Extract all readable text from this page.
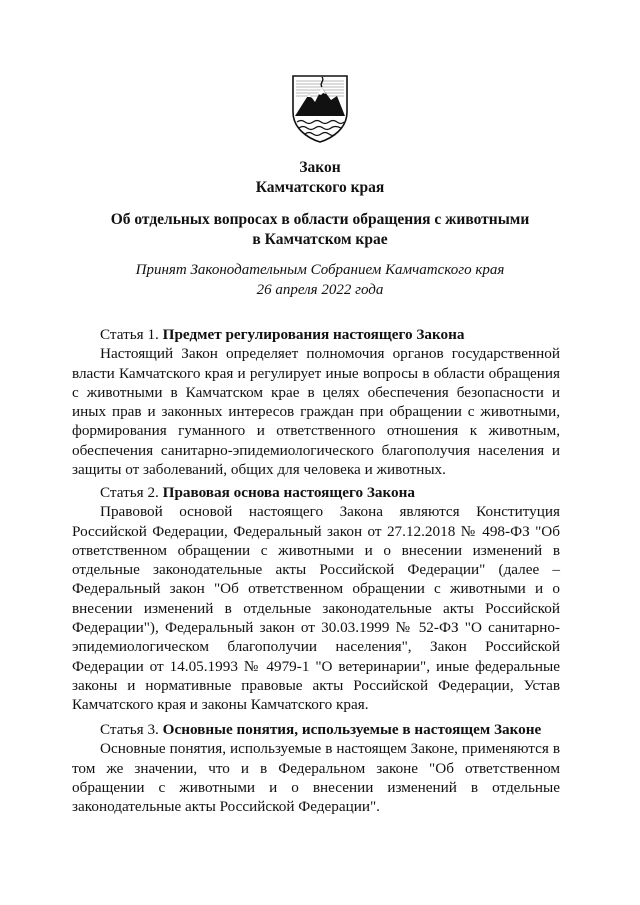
Закон
Камчатского края
Об отдельных вопросах в области обращения с животными
в Камчатском крае
Принят Законодательным Собранием Камчатского края
26 апреля 2022 года
Статья 1. Предмет регулирования настоящего Закона

Настоящий Закон определяет полномочия органов государственной власти Камчатского края и регулирует иные вопросы в области обращения с животными в Камчатском крае в целях обеспечения безопасности и иных прав и законных интересов граждан при обращении с животными, формирования гуманного и ответственного отношения к животным, обеспечения санитарно-эпидемиологического благополучия населения и защиты от заболеваний, общих для человека и животных.

Статья 2. Правовая основа настоящего Закона

Правовой основой настоящего Закона являются Конституция Российской Федерации, Федеральный закон от 27.12.2018 № 498-ФЗ "Об ответственном обращении с животными и о внесении изменений в отдельные законодательные акты Российской Федерации" (далее – Федеральный закон "Об ответственном обращении с животными и о внесении изменений в отдельные законодательные акты Российской Федерации"), Федеральный закон от 30.03.1999 № 52-ФЗ "О санитарно-эпидемиологическом благополучии населения", Закон Российской Федерации от 14.05.1993 № 4979-1 "О ветеринарии", иные федеральные законы и нормативные правовые акты Российской Федерации, Устав Камчатского края и законы Камчатского края.

Статья 3. Основные понятия, используемые в настоящем Законе

Основные понятия, используемые в настоящем Законе, применяются в том же значении, что и в Федеральном законе "Об ответственном обращении с животными и о внесении изменений в отдельные законодательные акты Российской Федерации".
